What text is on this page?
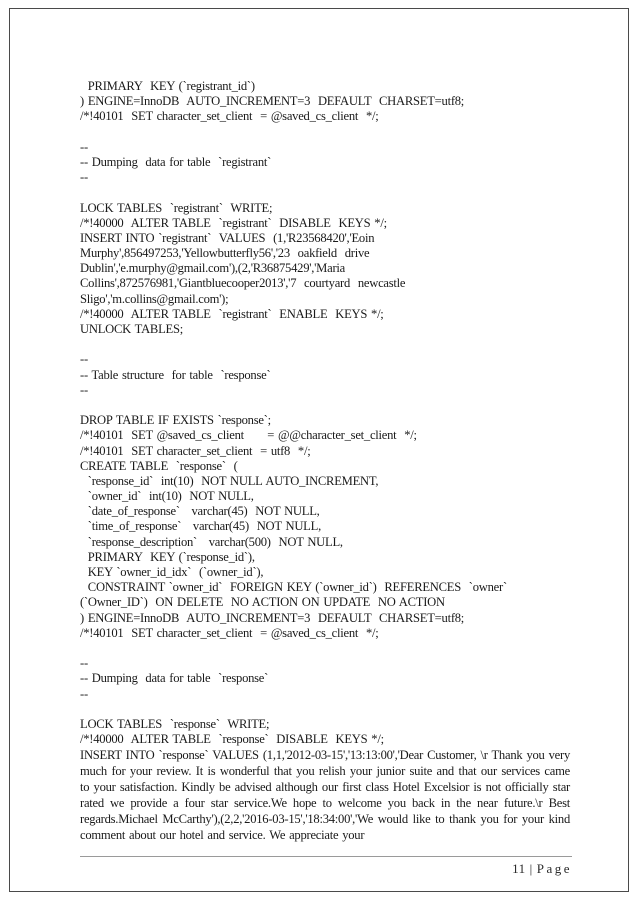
PRIMARY  KEY (`registrant_id`)
) ENGINE=InnoDB  AUTO_INCREMENT=3  DEFAULT  CHARSET=utf8;
/*!40101  SET character_set_client  = @saved_cs_client  */;
--
-- Dumping  data for table  `registrant`
--
LOCK TABLES  `registrant`  WRITE;
/*!40000  ALTER TABLE  `registrant`  DISABLE  KEYS */;
INSERT INTO `registrant`  VALUES  (1,'R23568420','Eoin
Murphy',856497253,'Yellowbutterfly56','23  oakfield  drive
Dublin','e.murphy@gmail.com'),(2,'R36875429','Maria
Collins',872576981,'Giantbluecooper2013','7  courtyard  newcastle
Sligo','m.collins@gmail.com');
/*!40000  ALTER TABLE  `registrant`  ENABLE  KEYS */;
UNLOCK TABLES;
--
-- Table structure  for table  `response`
--
DROP TABLE IF EXISTS `response`;
/*!40101  SET @saved_cs_client      = @@character_set_client  */;
/*!40101  SET character_set_client  = utf8  */;
CREATE TABLE  `response`  (
`response_id`  int(10)  NOT NULL AUTO_INCREMENT,
`owner_id`  int(10)  NOT NULL,
`date_of_response`   varchar(45)  NOT NULL,
`time_of_response`   varchar(45)  NOT NULL,
`response_description`   varchar(500)  NOT NULL,
PRIMARY  KEY (`response_id`),
KEY `owner_id_idx`  (`owner_id`),
CONSTRAINT `owner_id`  FOREIGN KEY (`owner_id`)  REFERENCES  `owner`
(`Owner_ID`)  ON DELETE  NO ACTION ON UPDATE  NO ACTION
) ENGINE=InnoDB  AUTO_INCREMENT=3  DEFAULT  CHARSET=utf8;
/*!40101  SET character_set_client  = @saved_cs_client  */;
--
-- Dumping  data for table  `response`
--
LOCK TABLES  `response`  WRITE;
/*!40000  ALTER TABLE  `response`  DISABLE  KEYS */;
INSERT INTO `response` VALUES (1,1,'2012-03-15','13:13:00','Dear Customer, \r Thank you very much for your review. It is wonderful that you relish your junior suite and that our services came to your satisfaction. Kindly be advised although our first class Hotel Excelsior is not officially star rated we provide a four star service.We hope to welcome you back in the near future.\r Best regards.Michael McCarthy'),(2,2,'2016-03-15','18:34:00','We would like to thank you for your kind comment about our hotel and service. We appreciate your
11 | Page
